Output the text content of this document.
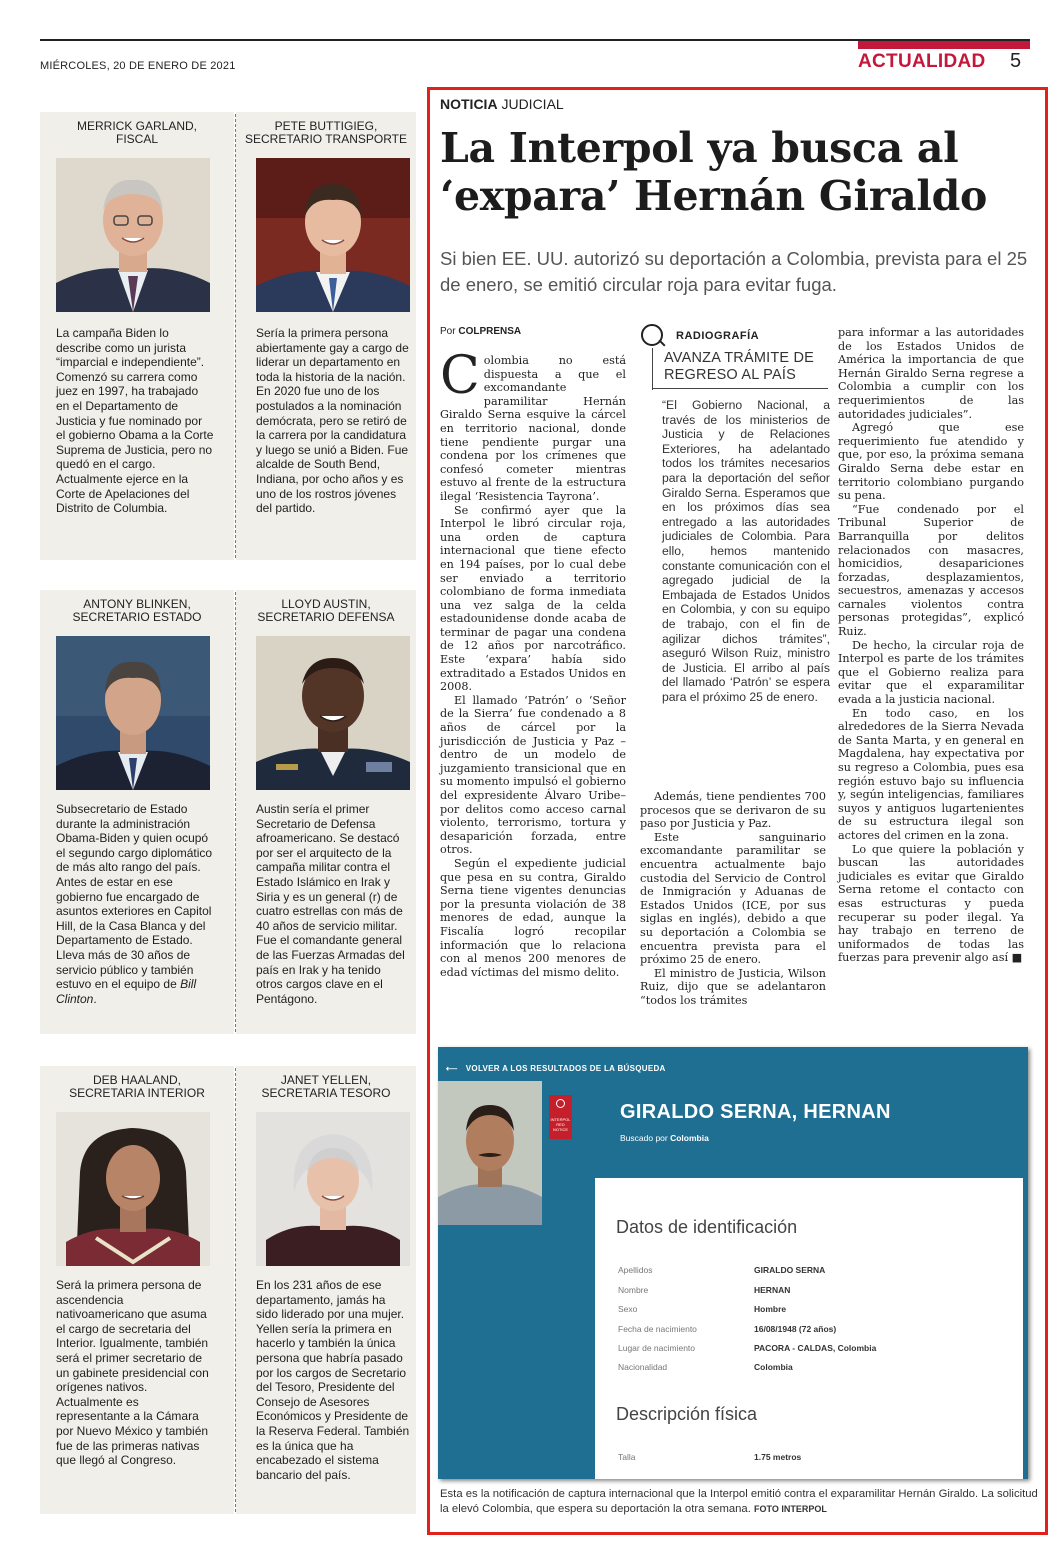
MIÉRCOLES, 20 DE ENERO DE 2021	ACTUALIDAD 5
MERRICK GARLAND,
FISCAL
La campaña Biden lo describe como un jurista “imparcial e independiente”. Comenzó su carrera como juez en 1997, ha trabajado en el Departamento de Justicia y fue nominado por el gobierno Obama a la Corte Suprema de Justicia, pero no quedó en el cargo. Actualmente ejerce en la Corte de Apelaciones del Distrito de Columbia.
PETE BUTTIGIEG,
SECRETARIO TRANSPORTE
Sería la primera persona abiertamente gay a cargo de liderar un departamento en toda la historia de la nación. En 2020 fue uno de los postulados a la nominación demócrata, pero se retiró de la carrera por la candidatura y luego se unió a Biden. Fue alcalde de South Bend, Indiana, por ocho años y es uno de los rostros jóvenes del partido.
ANTONY BLINKEN,
SECRETARIO ESTADO
Subsecretario de Estado durante la administración Obama-Biden y quien ocupó el segundo cargo diplomático de más alto rango del país. Antes de estar en ese gobierno fue encargado de asuntos exteriores en Capitol Hill, de la Casa Blanca y del Departamento de Estado. Lleva más de 30 años de servicio público y también estuvo en el equipo de Bill Clinton.
LLOYD AUSTIN,
SECRETARIO DEFENSA
Austin sería el primer Secretario de Defensa afroamericano. Se destacó por ser el arquitecto de la campaña militar contra el Estado Islámico en Irak y Siria y es un general (r) de cuatro estrellas con más de 40 años de servicio militar. Fue el comandante general de las Fuerzas Armadas del país en Irak y ha tenido otros cargos clave en el Pentágono.
DEB HAALAND,
SECRETARIA INTERIOR
Será la primera persona de ascendencia nativoamericano que asuma el cargo de secretaria del Interior. Igualmente, también será el primer secretario de un gabinete presidencial con orígenes nativos. Actualmente es representante a la Cámara por Nuevo México y también fue de las primeras nativas que llegó al Congreso.
JANET YELLEN,
SECRETARIA TESORO
En los 231 años de ese departamento, jamás ha sido liderado por una mujer. Yellen sería la primera en hacerlo y también la única persona que habría pasado por los cargos de Secretario del Tesoro, Presidente del Consejo de Asesores Económicos y Presidente de la Reserva Federal. También es la única que ha encabezado el sistema bancario del país.
NOTICIA JUDICIAL
La Interpol ya busca al ‘expara’ Hernán Giraldo
Si bien EE. UU. autorizó su deportación a Colombia, prevista para el 25 de enero, se emitió circular roja para evitar fuga.
Por COLPRENSA

Colombia no está dispuesta a que el excomandante paramilitar Hernán Giraldo Serna esquive la cárcel en territorio nacional, donde tiene pendiente purgar una condena por los crímenes que confesó cometer mientras estuvo al frente de la estructura ilegal ‘Resistencia Tayrona’.

Se confirmó ayer que la Interpol le libró circular roja, una orden de captura internacional que tiene efecto en 194 países, por lo cual debe ser enviado a territorio colombiano de forma inmediata una vez salga de la celda estadounidense donde acaba de terminar de pagar una condena de 12 años por narcotráfico. Este ‘expara’ había sido extraditado a Estados Unidos en 2008.

El llamado ‘Patrón’ o ‘Señor de la Sierra’ fue condenado a 8 años de cárcel por la jurisdicción de Justicia y Paz –dentro de un modelo de juzgamiento transicional que en su momento impulsó el gobierno del expresidente Álvaro Uribe– por delitos como acceso carnal violento, terrorismo, tortura y desaparición forzada, entre otros.

Según el expediente judicial que pesa en su contra, Giraldo Serna tiene vigentes denuncias por la presunta violación de 38 menores de edad, aunque la Fiscalía logró recopilar información que lo relaciona con al menos 200 menores de edad víctimas del mismo delito.

RADIOGRAFÍA
AVANZA TRÁMITE DE REGRESO AL PAÍS
“El Gobierno Nacional, a través de los ministerios de Justicia y de Relaciones Exteriores, ha adelantado todos los trámites necesarios para la deportación del señor Giraldo Serna. Esperamos que en los próximos días sea entregado a las autoridades judiciales de Colombia. Para ello, hemos mantenido constante comunicación con el agregado judicial de la Embajada de Estados Unidos en Colombia, y con su equipo de trabajo, con el fin de agilizar dichos trámites”, aseguró Wilson Ruiz, ministro de Justicia. El arribo al país del llamado ‘Patrón’ se espera para el próximo 25 de enero.

Además, tiene pendientes 700 procesos que se derivaron de su paso por Justicia y Paz.

Este sanguinario excomandante paramilitar se encuentra actualmente bajo custodia del Servicio de Control de Inmigración y Aduanas de Estados Unidos (ICE, por sus siglas en inglés), debido a que su deportación a Colombia se encuentra prevista para el próximo 25 de enero.

El ministro de Justicia, Wilson Ruiz, dijo que se adelantaron “todos los trámites

para informar a las autoridades de los Estados Unidos de América la importancia de que Hernán Giraldo Serna regrese a Colombia a cumplir con los requerimientos de las autoridades judiciales”.

Agregó que ese requerimiento fue atendido y que, por eso, la próxima semana Giraldo Serna debe estar en territorio colombiano purgando su pena.

“Fue condenado por el Tribunal Superior de Barranquilla por delitos relacionados con masacres, homicidios, desapariciones forzadas, desplazamientos, secuestros, amenazas y accesos carnales violentos contra personas protegidas”, explicó Ruiz.

De hecho, la circular roja de Interpol es parte de los trámites que el Gobierno realiza para evitar que el exparamilitar evada a la justicia nacional.

En todo caso, en los alrededores de la Sierra Nevada de Santa Marta, y en general en Magdalena, hay expectativa por su regreso a Colombia, pues esa región estuvo bajo su influencia y, según inteligencias, familiares suyos y antiguos lugartenientes de su estructura ilegal son actores del crimen en la zona.

Lo que quiere la población y buscan las autoridades judiciales es evitar que Giraldo Serna retome el contacto con esas estructuras y pueda recuperar su poder ilegal. Ya hay trabajo en terreno de uniformados de todas las fuerzas para prevenir algo así ■

⟵ VOLVER A LOS RESULTADOS DE LA BÚSQUEDA
INTERPOL
RED
NOTICE
GIRALDO SERNA, HERNAN
Buscado por Colombia
Datos de identificación
Apellidos	GIRALDO SERNA
Nombre	HERNAN
Sexo	Hombre
Fecha de nacimiento	16/08/1948 (72 años)
Lugar de nacimiento	PACORA - CALDAS, Colombia
Nacionalidad	Colombia
Descripción física
Talla	1.75 metros
Esta es la notificación de captura internacional que la Interpol emitió contra el exparamilitar Hernán Giraldo. La solicitud la elevó Colombia, que espera su deportación la otra semana. FOTO INTERPOL
